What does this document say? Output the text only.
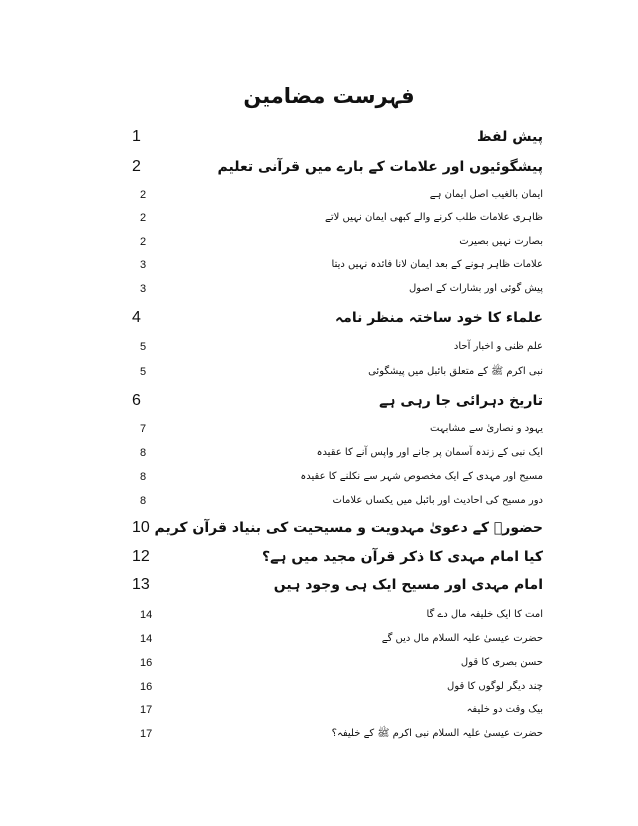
فہرست مضامین
1	پیش لفظ
2	پیشگوئیوں اور علامات کے بارے میں قرآنی تعلیم
2	ایمان بالغیب اصل ایمان ہے
2	ظاہری علامات طلب کرنے والے کبھی ایمان نہیں لاتے
2	بصارت نہیں بصیرت
3	علامات ظاہر ہونے کے بعد ایمان لانا فائدہ نہیں دیتا
3	پیش گوئی اور بشارات کے اصول
4	علماء کا خود ساختہ منظر نامہ
5	علم ظنی و اخبار آحاد
5	نبی اکرم ﷺ کے متعلق بائبل میں پیشگوئی
6	تاریخ دہرائی جا رہی ہے
7	یہود و نصاریٰ سے مشابہت
8	ایک نبی کے زندہ آسمان پر جانے اور واپس آنے کا عقیدہ
8	مسیح اور مہدی کے ایک مخصوص شہر سے نکلنے کا عقیدہ
8	دور مسیح کی احادیث اور بائبل میں یکساں علامات
10 حضورؐ کے دعویٰ مہدویت و مسیحیت کی بنیاد قرآن کریم
12	کیا امام مہدی کا ذکر قرآن مجید میں ہے؟
13	امام مہدی اور مسیح ایک ہی وجود ہیں
14	امت کا ایک خلیفہ مال دے گا
14	حضرت عیسیٰ علیہ السلام مال دیں گے
16	حسن بصری کا قول
16	چند دیگر لوگوں کا قول
17	بیک وقت دو خلیفہ
17	حضرت عیسیٰ علیہ السلام نبی اکرم ﷺ کے خلیفہ؟
